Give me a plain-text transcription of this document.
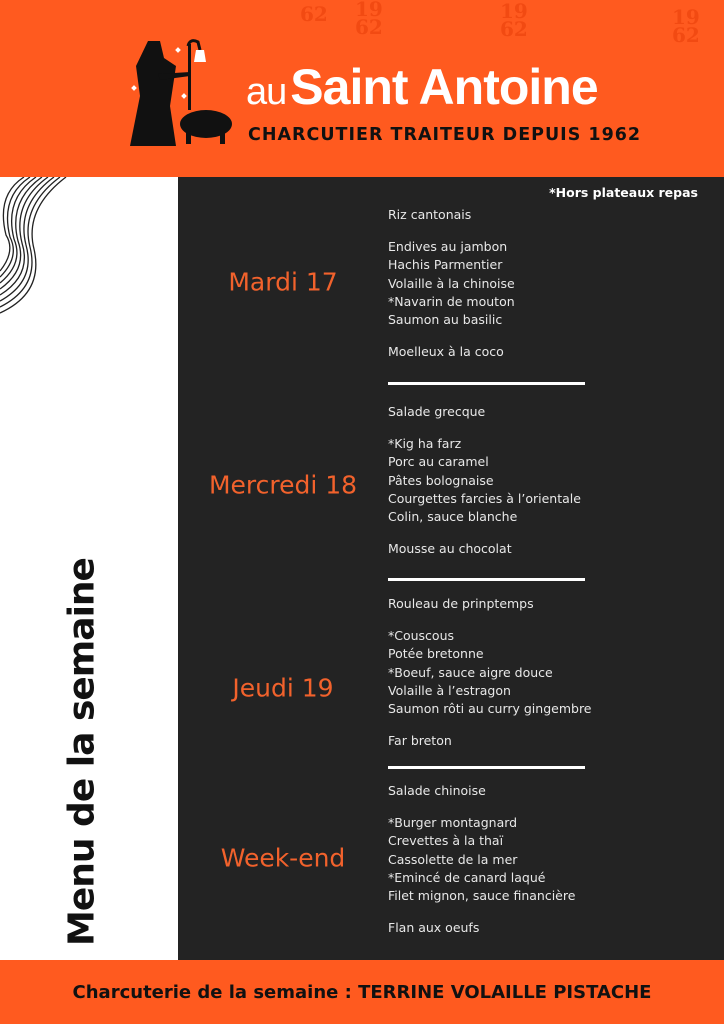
62 19
62
19
62	19
62
auSaint Antoine
CHARCUTIER TRAITEUR DEPUIS 1962
Menu de la semaine
*Hors plateaux repas
Mardi 17
Riz cantonais
Endives au jambon
Hachis Parmentier
Volaille à la chinoise
*Navarin de mouton
Saumon au basilic
Moelleux à la coco
Mercredi 18
Salade grecque
*Kig ha farz
Porc au caramel
Pâtes bolognaise
Courgettes farcies à l’orientale
Colin, sauce blanche
Mousse au chocolat
Jeudi 19
Rouleau de prinptemps
*Couscous
Potée bretonne
*Boeuf, sauce aigre douce
Volaille à l’estragon
Saumon rôti au curry gingembre
Far breton
Week-end
Salade chinoise
*Burger montagnard
Crevettes à la thaï
Cassolette de la mer
*Emincé de canard laqué
Filet mignon, sauce financière
Flan aux oeufs
Charcuterie de la semaine : TERRINE VOLAILLE PISTACHE
